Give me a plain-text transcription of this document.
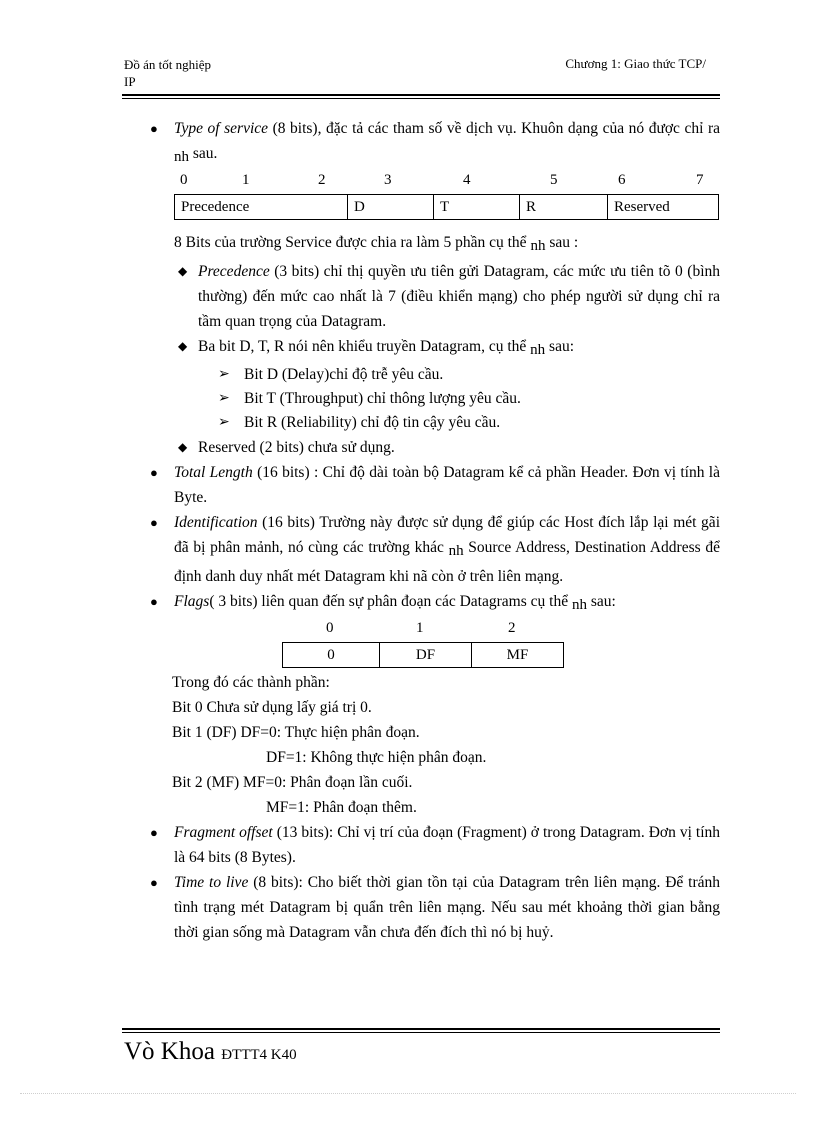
Đồ án tốt nghiệp
IP
Chương 1: Giao thức TCP/
● Type of service (8 bits), đặc tả các tham số về dịch vụ. Khuôn dạng của nó được chỉ ra nh sau.
0	1	2	3	4	5	6	7
Precedence	D	T	R	Reserved
8 Bits của trường Service được chia ra làm 5 phần cụ thể nh sau :
◆ Precedence (3 bits) chỉ thị quyền ưu tiên gửi Datagram, các mức ưu tiên tõ 0 (bình thường) đến mức cao nhất là 7 (điều khiển mạng) cho phép người sử dụng chỉ ra tầm quan trọng của Datagram.
◆ Ba bit D, T, R nói nên khiểu truyền Datagram, cụ thể nh sau:
➢ Bit D (Delay)chỉ độ trễ yêu cầu.
➢ Bit T (Throughput) chỉ thông lượng yêu cầu.
➢ Bit R (Reliability) chỉ độ tin cậy yêu cầu.
◆ Reserved (2 bits) chưa sử dụng.
● Total Length (16 bits) : Chỉ độ dài toàn bộ Datagram kể cả phần Header. Đơn vị tính là Byte.
● Identification (16 bits) Trường này được sử dụng để giúp các Host đích lắp lại mét gãi đã bị phân mảnh, nó cùng các trường khác nh Source Address, Destination Address để định danh duy nhất mét Datagram khi nã còn ở trên liên mạng.
● Flags( 3 bits) liên quan đến sự phân đoạn các Datagrams cụ thể nh sau:
0	1	2
0	DF	MF
Trong đó các thành phần:
Bit 0 Chưa sử dụng lấy giá trị 0.
Bit 1 (DF) DF=0: Thực hiện phân đoạn.
DF=1: Không thực hiện phân đoạn.
Bit 2 (MF) MF=0: Phân đoạn lần cuối.
MF=1: Phân đoạn thêm.
● Fragment offset (13 bits): Chỉ vị trí của đoạn (Fragment) ở trong Datagram. Đơn vị tính là 64 bits (8 Bytes).
● Time to live (8 bits): Cho biết thời gian tồn tại của Datagram trên liên mạng. Để tránh tình trạng mét Datagram bị quẩn trên liên mạng. Nếu sau mét khoảng thời gian bằng thời gian sống mà Datagram vẫn chưa đến đích thì nó bị huỷ.
Vò Khoa ĐTTT4 K40
